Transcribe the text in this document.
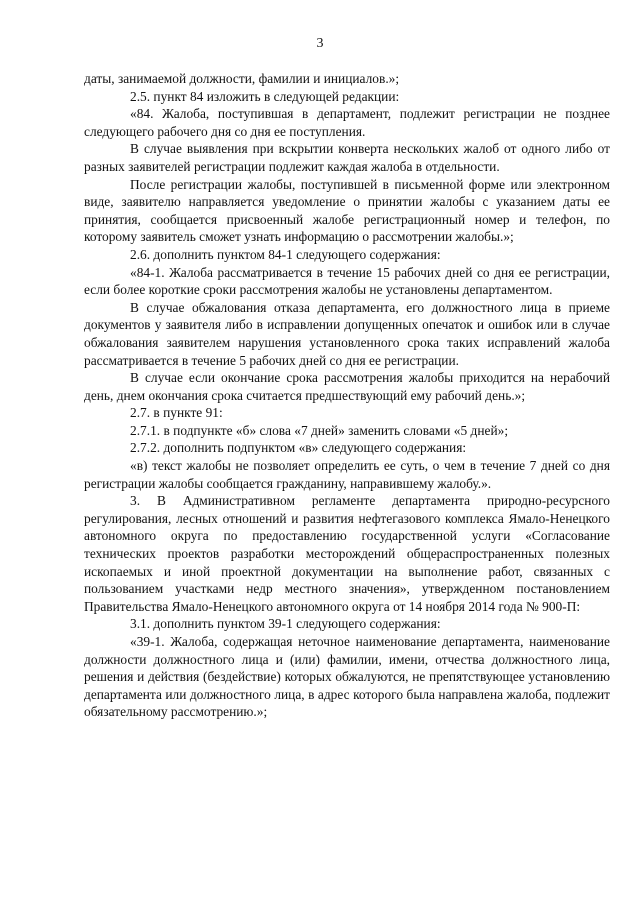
3

даты, занимаемой должности, фамилии и инициалов.»;

2.5. пункт 84 изложить в следующей редакции:

«84. Жалоба, поступившая в департамент, подлежит регистрации не позднее следующего рабочего дня со дня ее поступления.

В случае выявления при вскрытии конверта нескольких жалоб от одного либо от разных заявителей регистрации подлежит каждая жалоба в отдельности.

После регистрации жалобы, поступившей в письменной форме или электронном виде, заявителю направляется уведомление о принятии жалобы с указанием даты ее принятия, сообщается присвоенный жалобе регистрационный номер и телефон, по которому заявитель сможет узнать информацию о рассмотрении жалобы.»;

2.6. дополнить пунктом 84-1 следующего содержания:

«84-1. Жалоба рассматривается в течение 15 рабочих дней со дня ее регистрации, если более короткие сроки рассмотрения жалобы не установлены департаментом.

В случае обжалования отказа департамента, его должностного лица в приеме документов у заявителя либо в исправлении допущенных опечаток и ошибок или в случае обжалования заявителем нарушения установленного срока таких исправлений жалоба рассматривается в течение 5 рабочих дней со дня ее регистрации.

В случае если окончание срока рассмотрения жалобы приходится на нерабочий день, днем окончания срока считается предшествующий ему рабочий день.»;

2.7. в пункте 91:

2.7.1. в подпункте «б» слова «7 дней» заменить словами «5 дней»;

2.7.2. дополнить подпунктом «в» следующего содержания:

«в) текст жалобы не позволяет определить ее суть, о чем в течение 7 дней со дня регистрации жалобы сообщается гражданину, направившему жалобу.».

3. В Административном регламенте департамента природно-ресурсного регулирования, лесных отношений и развития нефтегазового комплекса Ямало-Ненецкого автономного округа по предоставлению государственной услуги «Согласование технических проектов разработки месторождений общераспространенных полезных ископаемых и иной проектной документации на выполнение работ, связанных с пользованием участками недр местного значения», утвержденном постановлением Правительства Ямало-Ненецкого автономного округа от 14 ноября 2014 года № 900-П:

3.1. дополнить пунктом 39-1 следующего содержания:

«39-1. Жалоба, содержащая неточное наименование департамента, наименование должности должностного лица и (или) фамилии, имени, отчества должностного лица, решения и действия (бездействие) которых обжалуются, не препятствующее установлению департамента или должностного лица, в адрес которого была направлена жалоба, подлежит обязательному рассмотрению.»;
